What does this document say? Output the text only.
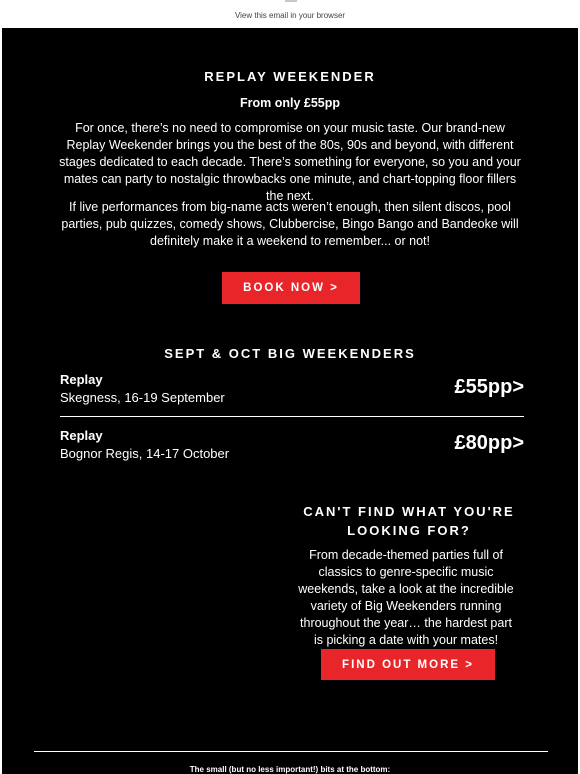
View this email in your browser
REPLAY WEEKENDER
From only £55pp
For once, there’s no need to compromise on your music taste. Our brand-new Replay Weekender brings you the best of the 80s, 90s and beyond, with different stages dedicated to each decade. There’s something for everyone, so you and your mates can party to nostalgic throwbacks one minute, and chart-topping floor fillers the next.
If live performances from big-name acts weren’t enough, then silent discos, pool parties, pub quizzes, comedy shows, Clubbercise, Bingo Bango and Bandeoke will definitely make it a weekend to remember... or not!
BOOK NOW >
SEPT & OCT BIG WEEKENDERS
Replay
Skegness, 16-19 September	£55pp>
Replay
Bognor Regis, 14-17 October	£80pp>
CAN'T FIND WHAT YOU'RE LOOKING FOR?
From decade-themed parties full of classics to genre-specific music weekends, take a look at the incredible variety of Big Weekenders running throughout the year… the hardest part is picking a date with your mates!
FIND OUT MORE >
The small (but no less important!) bits at the bottom:
